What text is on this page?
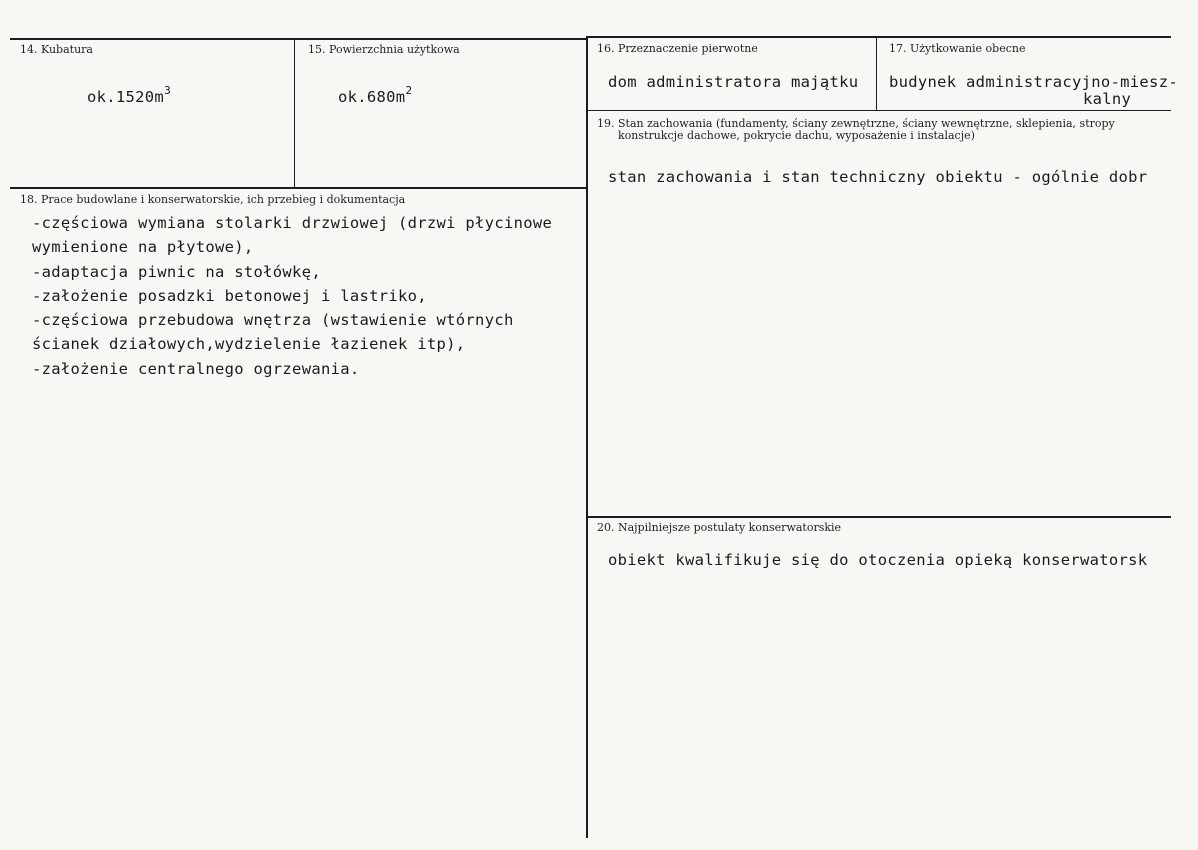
14. Kubatura
$ok.1520m^3$
15. Powierzchnia użytkowa
$ok.680m^2$
16. Przeznaczenie pierwotne
dom administratora majątku
17. Użytkowanie obecne
budynek administracyjno-miesz-
kalny
19. Stan zachowania (fundamenty, ściany zewnętrzne, ściany wewnętrzne, sklepienia, stropy
konstrukcje dachowe, pokrycie dachu, wyposażenie i instalacje)
stan zachowania i stan techniczny obiektu - ogólnie dobr
18. Prace budowlane i konserwatorskie, ich przebieg i dokumentacja
-częściowa wymiana stolarki drzwiowej (drzwi płycinowe
wymienione na płytowe),
-adaptacja piwnic na stołówkę,
-założenie posadzki betonowej i lastriko,
-częściowa przebudowa wnętrza (wstawienie wtórnych
ścianek działowych,wydzielenie łazienek itp),
-założenie centralnego ogrzewania.
20. Najpilniejsze postulaty konserwatorskie
obiekt kwalifikuje się do otoczenia opieką konserwatorsk
